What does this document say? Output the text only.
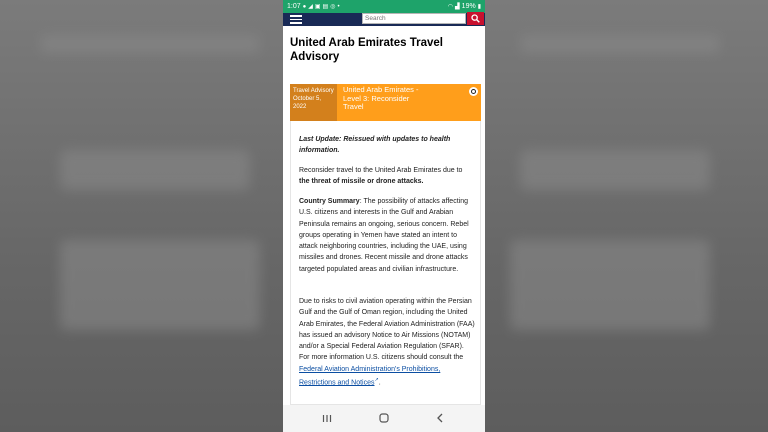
1:07 ● ◢ ▣ ▤ ◎ •	◠ ▟ 19% ▮
Search
United Arab Emirates Travel Advisory
Travel Advisory
October 5, 2022
United Arab Emirates - Level 3: Reconsider Travel

Last Update: Reissued with updates to health information.

Reconsider travel to the United Arab Emirates due to the threat of missile or drone attacks.

Country Summary: The possibility of attacks affecting U.S. citizens and interests in the Gulf and Arabian Peninsula remains an ongoing, serious concern. Rebel groups operating in Yemen have stated an intent to attack neighboring countries, including the UAE, using missiles and drones. Recent missile and drone attacks targeted populated areas and civilian infrastructure.

Due to risks to civil aviation operating within the Persian Gulf and the Gulf of Oman region, including the United Arab Emirates, the Federal Aviation Administration (FAA) has issued an advisory Notice to Air Missions (NOTAM) and/or a Special Federal Aviation Regulation (SFAR). For more information U.S. citizens should consult the Federal Aviation Administration's Prohibitions, Restrictions and Notices↗.
